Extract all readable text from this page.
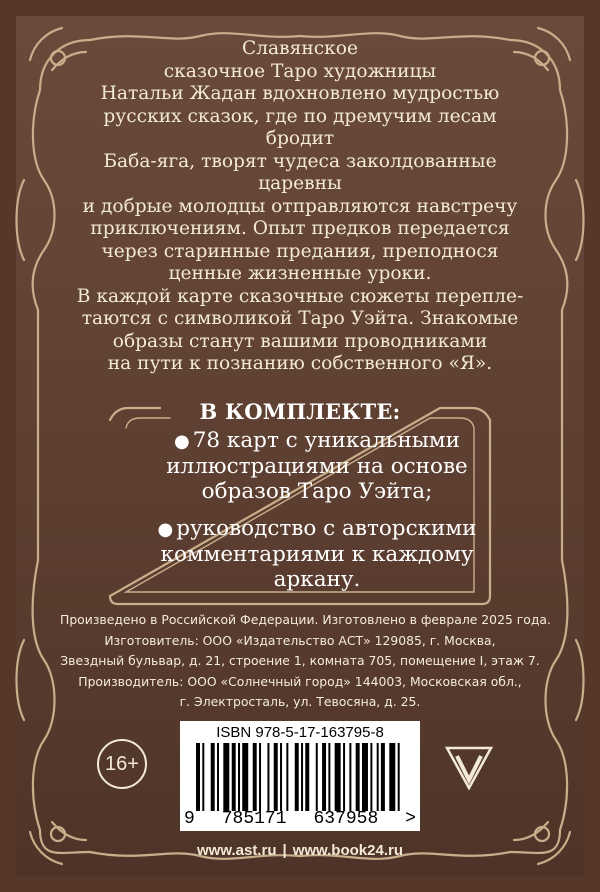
Славянское

сказочное Таро художницы

Натальи Жадан вдохновлено мудростью

русских сказок, где по дремучим лесам бродит

Баба-яга, творят чудеса заколдованные царевны

и добрые молодцы отправляются навстречу

приключениям. Опыт предков передается

через старинные предания, преподнося

ценные жизненные уроки.

В каждой карте сказочные сюжеты перепле-

таются с символикой Таро Уэйта. Знакомые

образы станут вашими проводниками

на пути к познанию собственного «Я».

В КОМПЛЕКТЕ:
● 78 карт с уникальными
иллюстрациями на основе
образов Таро Уэйта;
● руководство с авторскими
комментариями к каждому
аркану.
Произведено в Российской Федерации. Изготовлено в феврале 2025 года.
Изготовитель: ООО «Издательство АСТ» 129085, г. Москва,
Звездный бульвар, д. 21, строение 1, комната 705, помещение I, этаж 7.
Производитель: ООО «Солнечный город» 144003, Московская обл.,
г. Электросталь, ул. Тевосяна, д. 25.
16+
ISBN 978-5-17-163795-8
9 785171 637958 >
www.ast.ru | www.book24.ru
